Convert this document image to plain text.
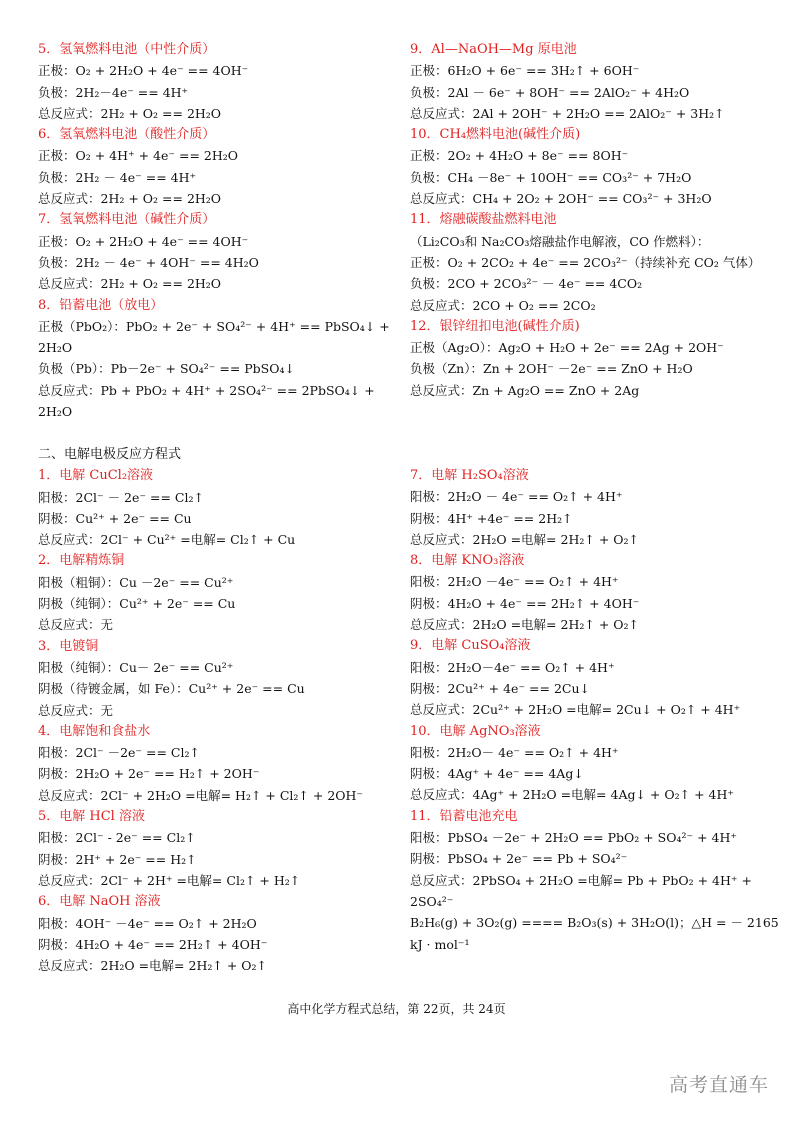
5．氢氧燃料电池（中性介质）
正极：O₂ + 2H₂O + 4e⁻ == 4OH⁻
负极：2H₂－4e⁻ == 4H⁺
总反应式：2H₂ + O₂ == 2H₂O
6．氢氧燃料电池（酸性介质）
正极：O₂ + 4H⁺ + 4e⁻ == 2H₂O
负极：2H₂ － 4e⁻ == 4H⁺
总反应式：2H₂ + O₂ == 2H₂O
7．氢氧燃料电池（碱性介质）
正极：O₂ + 2H₂O + 4e⁻ == 4OH⁻
负极：2H₂ － 4e⁻ + 4OH⁻ == 4H₂O
总反应式：2H₂ + O₂ == 2H₂O
8．铅蓄电池（放电）
正极（PbO₂）：PbO₂ + 2e⁻ + SO₄²⁻ + 4H⁺ == PbSO₄↓ +
2H₂O
负极（Pb）：Pb－2e⁻ + SO₄²⁻ == PbSO₄↓
总反应式：Pb + PbO₂ + 4H⁺ + 2SO₄²⁻ == 2PbSO₄↓ +
2H₂O
9．Al—NaOH—Mg 原电池
正极：6H₂O + 6e⁻ == 3H₂↑ + 6OH⁻
负极：2Al － 6e⁻ + 8OH⁻ == 2AlO₂⁻ + 4H₂O
总反应式：2Al + 2OH⁻ + 2H₂O == 2AlO₂⁻ + 3H₂↑
10．CH₄燃料电池(碱性介质)
正极：2O₂ + 4H₂O + 8e⁻ == 8OH⁻
负极：CH₄ －8e⁻ + 10OH⁻ == CO₃²⁻ + 7H₂O
总反应式：CH₄ + 2O₂ + 2OH⁻ == CO₃²⁻ + 3H₂O
11．熔融碳酸盐燃料电池
（Li₂CO₃和 Na₂CO₃熔融盐作电解液，CO 作燃料）：
正极：O₂ + 2CO₂ + 4e⁻ == 2CO₃²⁻（持续补充 CO₂ 气体）
负极：2CO + 2CO₃²⁻ － 4e⁻ == 4CO₂
总反应式：2CO + O₂ == 2CO₂
12．银锌纽扣电池(碱性介质)
正极（Ag₂O）：Ag₂O + H₂O + 2e⁻ == 2Ag + 2OH⁻
负极（Zn）：Zn + 2OH⁻ －2e⁻ == ZnO + H₂O
总反应式：Zn + Ag₂O == ZnO + 2Ag
二、电解电极反应方程式
1．电解 CuCl₂溶液
阳极：2Cl⁻ － 2e⁻ == Cl₂↑
阴极：Cu²⁺ + 2e⁻ == Cu
总反应式：2Cl⁻ + Cu²⁺ =电解= Cl₂↑ + Cu
2．电解精炼铜
阳极（粗铜）：Cu －2e⁻ == Cu²⁺
阴极（纯铜）：Cu²⁺ + 2e⁻ == Cu
总反应式：无
3．电镀铜
阳极（纯铜）：Cu－ 2e⁻ == Cu²⁺
阴极（待镀金属，如 Fe）：Cu²⁺ + 2e⁻ == Cu
总反应式：无
4．电解饱和食盐水
阳极：2Cl⁻ －2e⁻ == Cl₂↑
阴极：2H₂O + 2e⁻ == H₂↑ + 2OH⁻
总反应式：2Cl⁻ + 2H₂O =电解= H₂↑ + Cl₂↑ + 2OH⁻
5．电解 HCl 溶液
阳极：2Cl⁻ - 2e⁻ == Cl₂↑
阴极：2H⁺ + 2e⁻ == H₂↑
总反应式：2Cl⁻ + 2H⁺ =电解= Cl₂↑ + H₂↑
6．电解 NaOH 溶液
阳极：4OH⁻ －4e⁻ == O₂↑ + 2H₂O
阴极：4H₂O + 4e⁻ == 2H₂↑ + 4OH⁻
总反应式：2H₂O =电解= 2H₂↑ + O₂↑
7．电解 H₂SO₄溶液
阳极：2H₂O － 4e⁻ == O₂↑ + 4H⁺
阴极：4H⁺ +4e⁻ == 2H₂↑
总反应式：2H₂O =电解= 2H₂↑ + O₂↑
8．电解 KNO₃溶液
阳极：2H₂O －4e⁻ == O₂↑ + 4H⁺
阴极：4H₂O + 4e⁻ == 2H₂↑ + 4OH⁻
总反应式：2H₂O =电解= 2H₂↑ + O₂↑
9．电解 CuSO₄溶液
阳极：2H₂O－4e⁻ == O₂↑ + 4H⁺
阴极：2Cu²⁺ + 4e⁻ == 2Cu↓
总反应式：2Cu²⁺ + 2H₂O =电解= 2Cu↓ + O₂↑ + 4H⁺
10．电解 AgNO₃溶液
阳极：2H₂O－ 4e⁻ == O₂↑ + 4H⁺
阴极：4Ag⁺ + 4e⁻ == 4Ag↓
总反应式：4Ag⁺ + 2H₂O =电解= 4Ag↓ + O₂↑ + 4H⁺
11．铅蓄电池充电
阳极：PbSO₄ －2e⁻ + 2H₂O == PbO₂ + SO₄²⁻ + 4H⁺
阴极：PbSO₄ + 2e⁻ == Pb + SO₄²⁻
总反应式：2PbSO₄ + 2H₂O =电解= Pb + PbO₂ + 4H⁺ +
2SO₄²⁻
B₂H₆(g) + 3O₂(g) ==== B₂O₃(s) + 3H₂O(l)；△H = － 2165
kJ · mol⁻¹
高中化学方程式总结，第 22页，共 24页
高考直通车
